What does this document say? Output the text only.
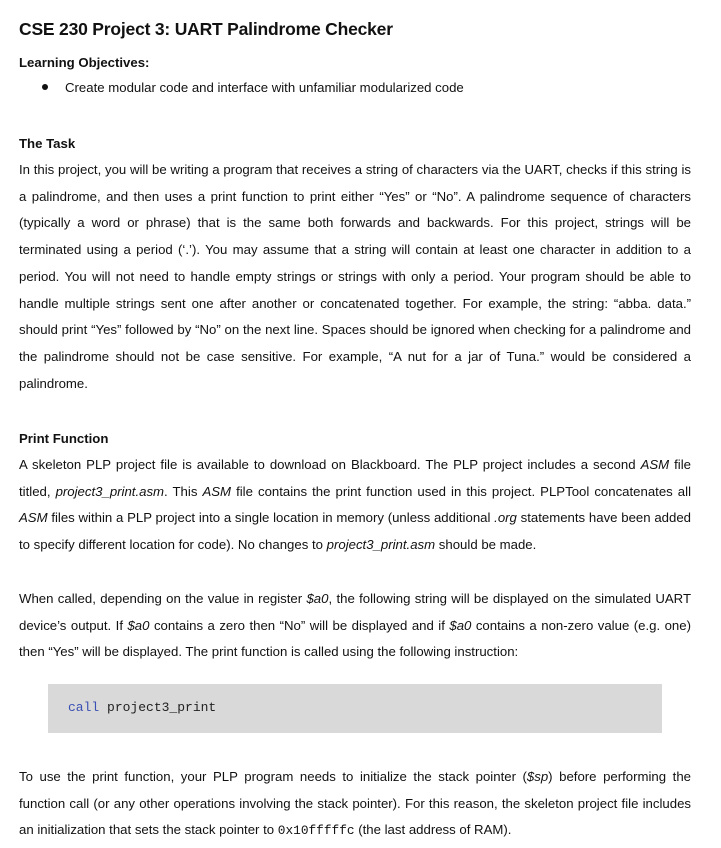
CSE 230 Project 3: UART Palindrome Checker
Learning Objectives:
Create modular code and interface with unfamiliar modularized code
The Task

In this project, you will be writing a program that receives a string of characters via the UART, checks if this string is a palindrome, and then uses a print function to print either “Yes” or “No”. A palindrome sequence of characters (typically a word or phrase) that is the same both forwards and backwards. For this project, strings will be terminated using a period (‘.’). You may assume that a string will contain at least one character in addition to a period. You will not need to handle empty strings or strings with only a period. Your program should be able to handle multiple strings sent one after another or concatenated together. For example, the string: “abba. data.” should print “Yes” followed by “No” on the next line. Spaces should be ignored when checking for a palindrome and the palindrome should not be case sensitive. For example, “A nut for a jar of Tuna.” would be considered a palindrome.

Print Function

A skeleton PLP project file is available to download on Blackboard. The PLP project includes a second ASM file titled, project3_print.asm. This ASM file contains the print function used in this project. PLPTool concatenates all ASM files within a PLP project into a single location in memory (unless additional .org statements have been added to specify different location for code). No changes to project3_print.asm should be made.

When called, depending on the value in register $a0, the following string will be displayed on the simulated UART device’s output. If $a0 contains a zero then “No” will be displayed and if $a0 contains a non-zero value (e.g. one) then “Yes” will be displayed. The print function is called using the following instruction:

call project3_print

To use the print function, your PLP program needs to initialize the stack pointer ($sp) before performing the function call (or any other operations involving the stack pointer). For this reason, the skeleton project file includes an initialization that sets the stack pointer to 0x10fffffc (the last address of RAM).
